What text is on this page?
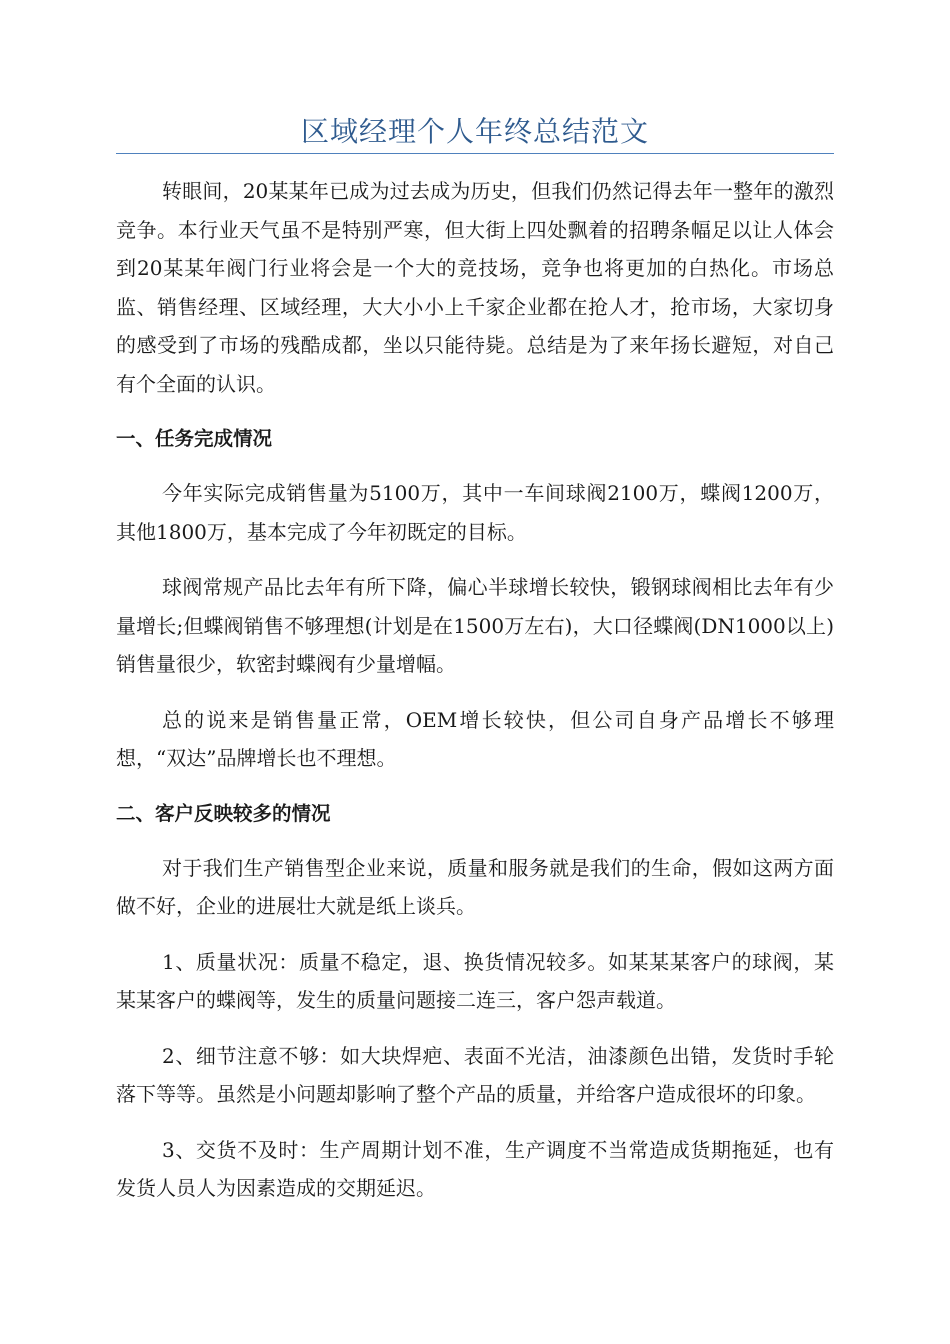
区域经理个人年终总结范文

转眼间，20某某年已成为过去成为历史，但我们仍然记得去年一整年的激烈竞争。本行业天气虽不是特别严寒，但大街上四处飘着的招聘条幅足以让人体会到20某某年阀门行业将会是一个大的竞技场，竞争也将更加的白热化。市场总监、销售经理、区域经理，大大小小上千家企业都在抢人才，抢市场，大家切身的感受到了市场的残酷成都，坐以只能待毙。总结是为了来年扬长避短，对自己有个全面的认识。

一、任务完成情况

今年实际完成销售量为5100万，其中一车间球阀2100万，蝶阀1200万，其他1800万，基本完成了今年初既定的目标。

球阀常规产品比去年有所下降，偏心半球增长较快，锻钢球阀相比去年有少量增长;但蝶阀销售不够理想(计划是在1500万左右)，大口径蝶阀(DN1000以上)销售量很少，软密封蝶阀有少量增幅。

总的说来是销售量正常，OEM增长较快，但公司自身产品增长不够理想，“双达”品牌增长也不理想。

二、客户反映较多的情况

对于我们生产销售型企业来说，质量和服务就是我们的生命，假如这两方面做不好，企业的进展壮大就是纸上谈兵。

1、质量状况：质量不稳定，退、换货情况较多。如某某某客户的球阀，某某某客户的蝶阀等，发生的质量问题接二连三，客户怨声载道。

2、细节注意不够：如大块焊疤、表面不光洁，油漆颜色出错，发货时手轮落下等等。虽然是小问题却影响了整个产品的质量，并给客户造成很坏的印象。

3、交货不及时：生产周期计划不准，生产调度不当常造成货期拖延，也有发货人员人为因素造成的交期延迟。
